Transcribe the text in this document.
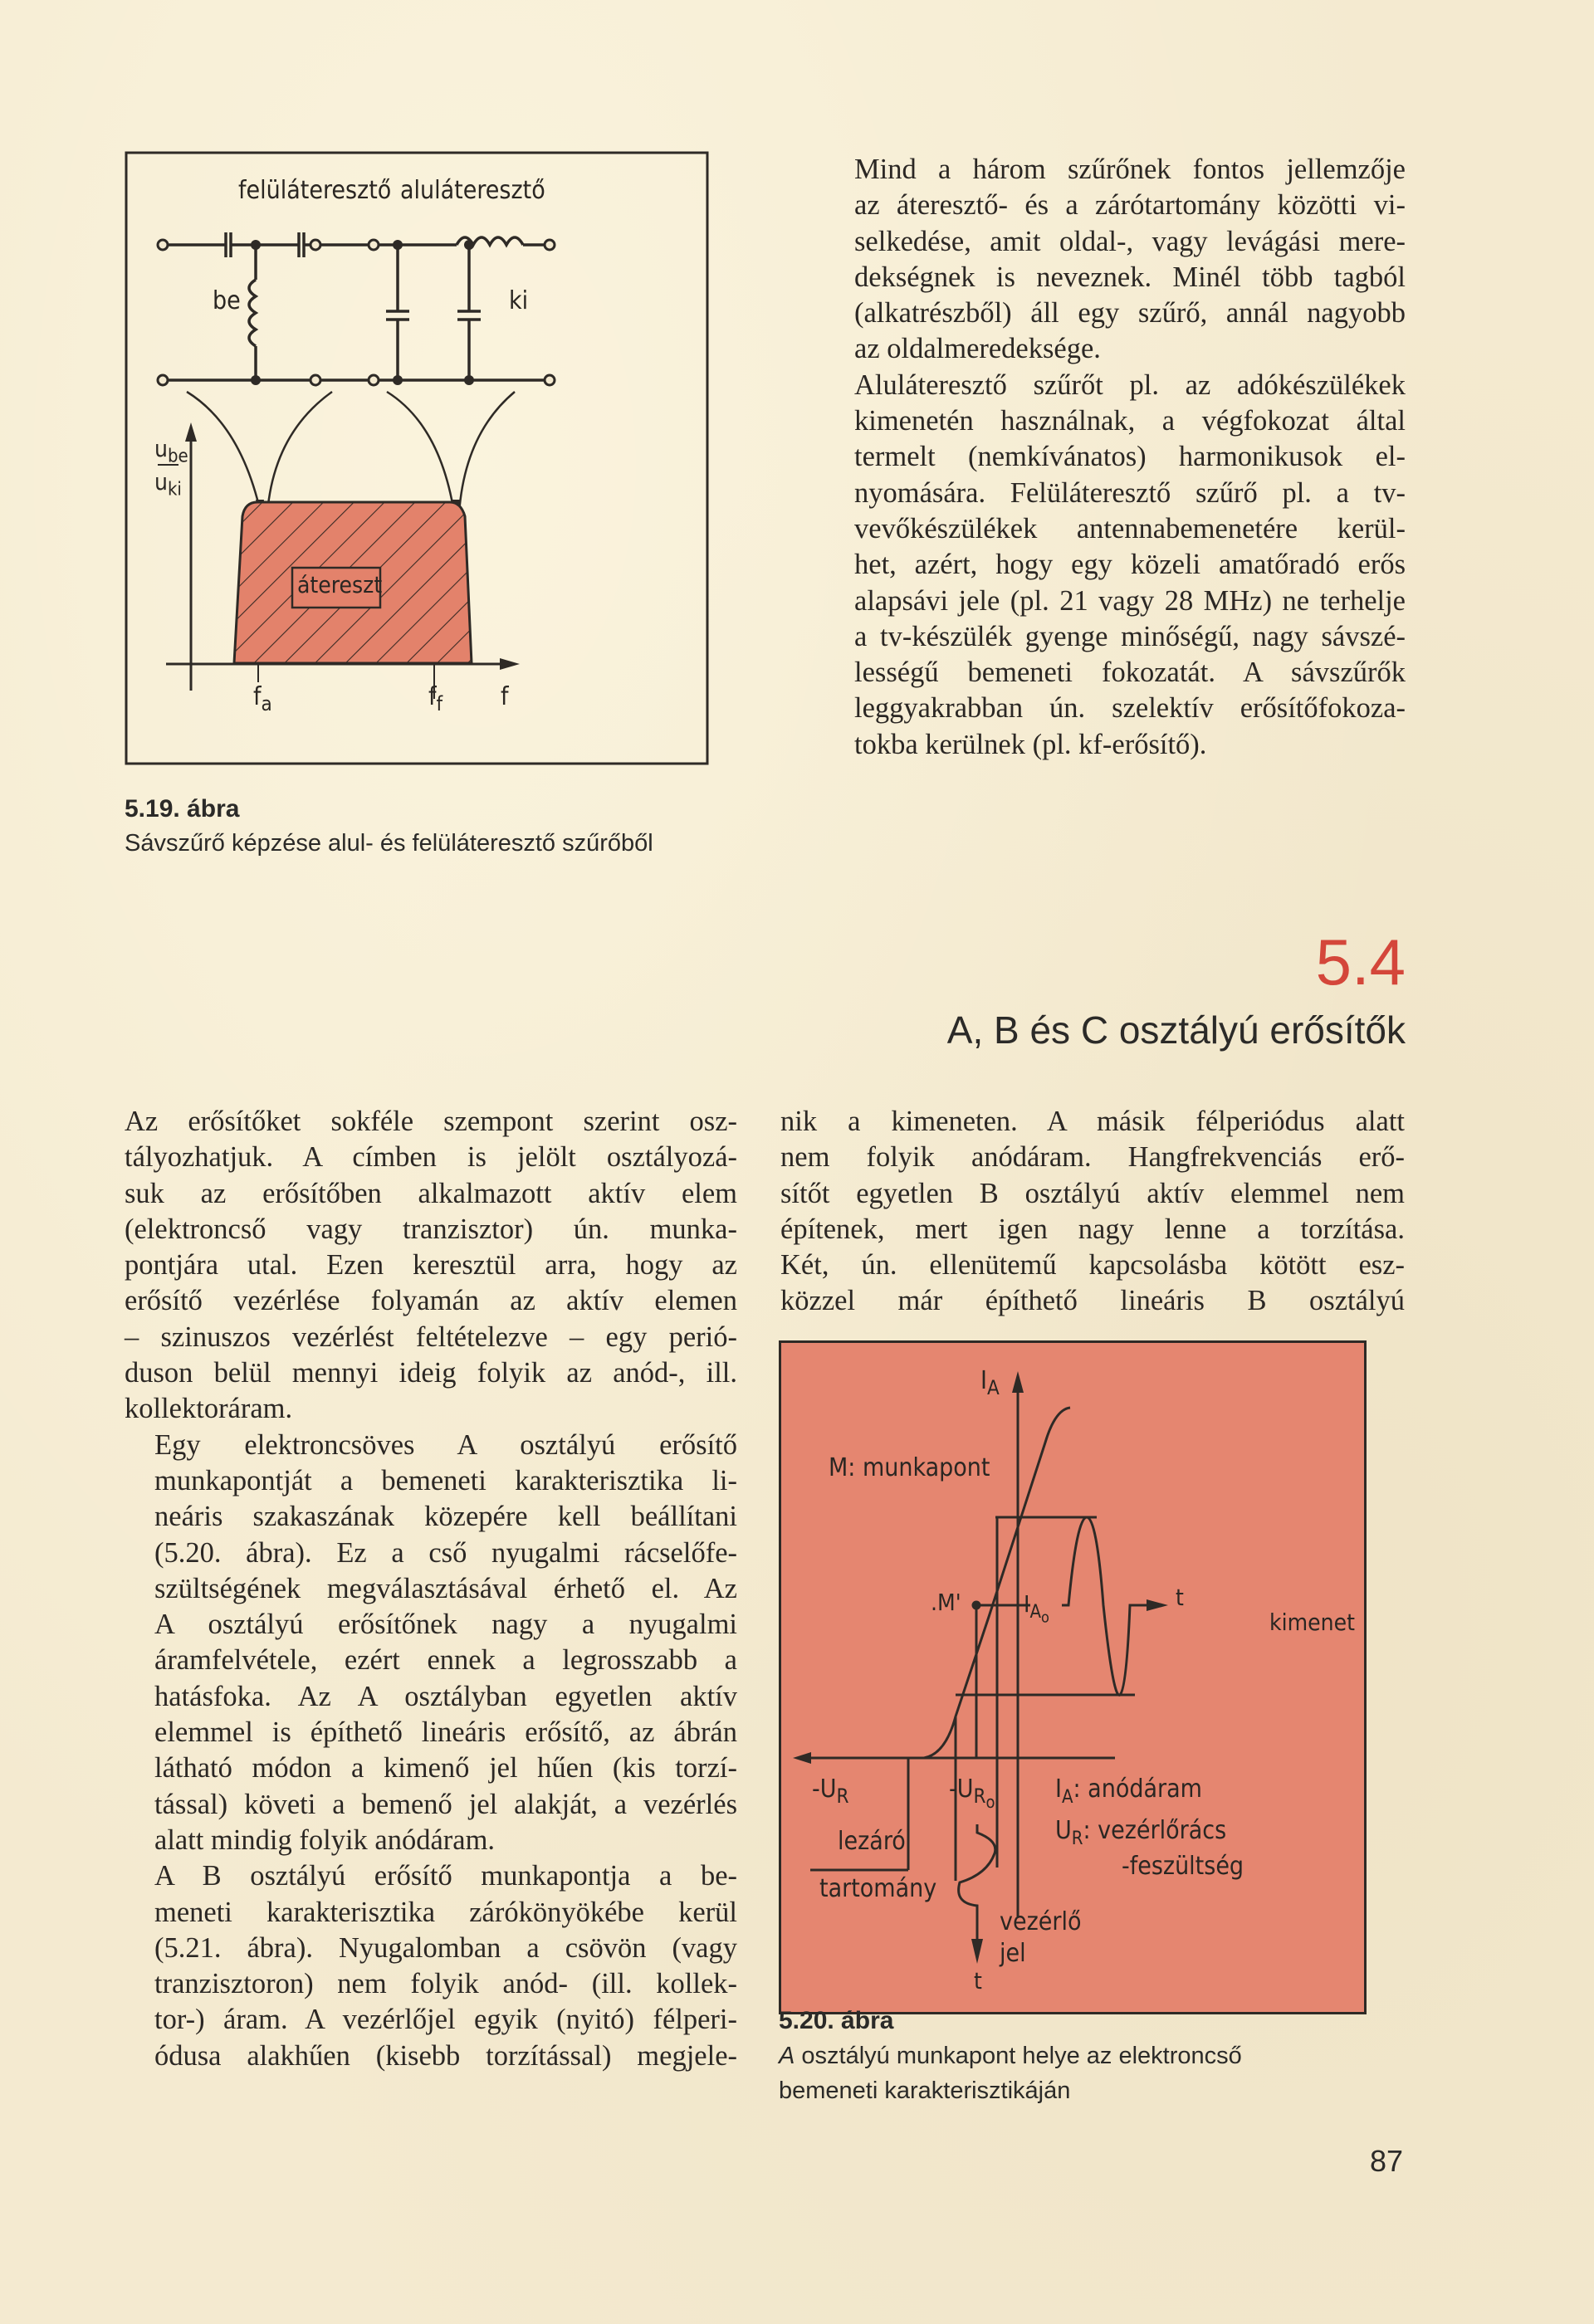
felüláteresztő aluláteresztő
be	ki
$u_{be}$
$u_{ki}$
átereszt
$f_a$	$f_f$ f
5.19. ábra
Sávszűrő képzése alul- és felüláteresztő szűrőből

Mind a három szűrőnek fontos jellemzője
az áteresztő- és a zárótartomány közötti vi-
selkedése, amit oldal-, vagy levágási mere-
dekségnek is neveznek. Minél több tagból
(alkatrészből) áll egy szűrő, annál nagyobb
az oldalmeredeksége.

Aluláteresztő szűrőt pl. az adókészülékek
kimenetén használnak, a végfokozat által
termelt (nemkívánatos) harmonikusok el-
nyomására. Felüláteresztő szűrő pl. a tv-
vevőkészülékek antennabemenetére kerül-
het, azért, hogy egy közeli amatőradó erős
alapsávi jele (pl. 21 vagy 28 MHz) ne terhelje
a tv-készülék gyenge minőségű, nagy sávszé-
lességű bemeneti fokozatát. A sávszűrők
leggyakrabban ún. szelektív erősítőfokoza-
tokba kerülnek (pl. kf-erősítő).

5.4
A, B és C osztályú erősítők

Az erősítőket sokféle szempont szerint osz-
tályozhatjuk. A címben is jelölt osztályozá-
suk az erősítőben alkalmazott aktív elem
(elektroncső vagy tranzisztor) ún. munka-
pontjára utal. Ezen keresztül arra, hogy az
erősítő vezérlése folyamán az aktív elemen
– szinuszos vezérlést feltételezve – egy perió-
duson belül mennyi ideig folyik az anód-, ill.
kollektoráram.

Egy elektroncsöves A osztályú erősítő
munkapontját a bemeneti karakterisztika li-
neáris szakaszának közepére kell beállítani
(5.20. ábra). Ez a cső nyugalmi rácselőfe-
szültségének megválasztásával érhető el. Az
A osztályú erősítőnek nagy a nyugalmi
áramfelvétele, ezért ennek a legrosszabb a
hatásfoka. Az A osztályban egyetlen aktív
elemmel is építhető lineáris erősítő, az ábrán
látható módon a kimenő jel hűen (kis torzí-
tással) követi a bemenő jel alakját, a vezérlés
alatt mindig folyik anódáram.

A B osztályú erősítő munkapontja a be-
meneti karakterisztika zárókönyökébe kerül
(5.21. ábra). Nyugalomban a csövön (vagy
tranzisztoron) nem folyik anód- (ill. kollek-
tor-) áram. A vezérlőjel egyik (nyitó) félperi-
ódusa alakhűen (kisebb torzítással) megjele-

nik a kimeneten. A másik félperiódus alatt
nem folyik anódáram. Hangfrekvenciás erő-
sítőt egyetlen B osztályú aktív elemmel nem
építenek, mert igen nagy lenne a torzítása.
Két, ún. ellenütemű kapcsolásba kötött esz-
közzel már építhető lineáris B osztályú

$I_A$
M: munkapont
.M'	$I_{A_o}$
t
kimenet
$-U_R$	$-U_{R_o}$
lezáró
tartomány
$I_A$: anódáram
$U_R$: vezérlőrács
-feszültség
vezérlő
jel
t
5.20. ábra
A osztályú munkapont helye az elektroncső
bemeneti karakterisztikáján
87
